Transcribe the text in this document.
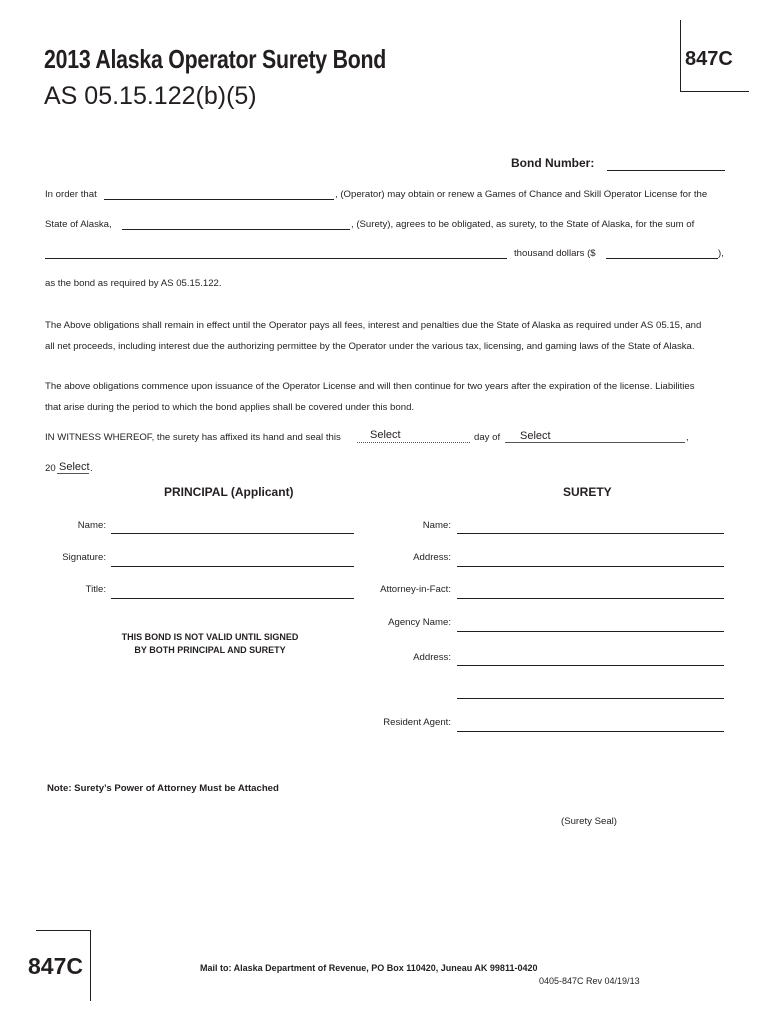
2013 Alaska Operator Surety Bond
AS 05.15.122(b)(5)
847C
Bond Number:
In order that	, (Operator) may obtain or renew a Games of Chance and Skill Operator License for the
State of Alaska,	, (Surety), agrees to be obligated, as surety, to the State of Alaska, for the sum of
thousand dollars ($	),
as the bond as required by AS 05.15.122.
The Above obligations shall remain in effect until the Operator pays all fees, interest and penalties due the State of Alaska as required under AS 05.15, and
all net proceeds, including interest due the authorizing permittee by the Operator under the various tax, licensing, and gaming laws of the State of Alaska.
The above obligations commence upon issuance of the Operator License and will then continue for two years after the expiration of the license. Liabilities
that arise during the period to which the bond applies shall be covered under this bond.
IN WITNESS WHEREOF, the surety has affixed its hand and seal this	Select	day of Select	,
20 Select .
PRINCIPAL (Applicant)	SURETY
Name:
Signature:
Title:
Name:
Address:
Attorney-in-Fact:
Agency Name:
Address:
Resident Agent:
THIS BOND IS NOT VALID UNTIL SIGNED
BY BOTH PRINCIPAL AND SURETY
Note: Surety’s Power of Attorney Must be Attached
(Surety Seal)
847C	Mail to: Alaska Department of Revenue, PO Box 110420, Juneau AK 99811-0420
0405-847C Rev 04/19/13
